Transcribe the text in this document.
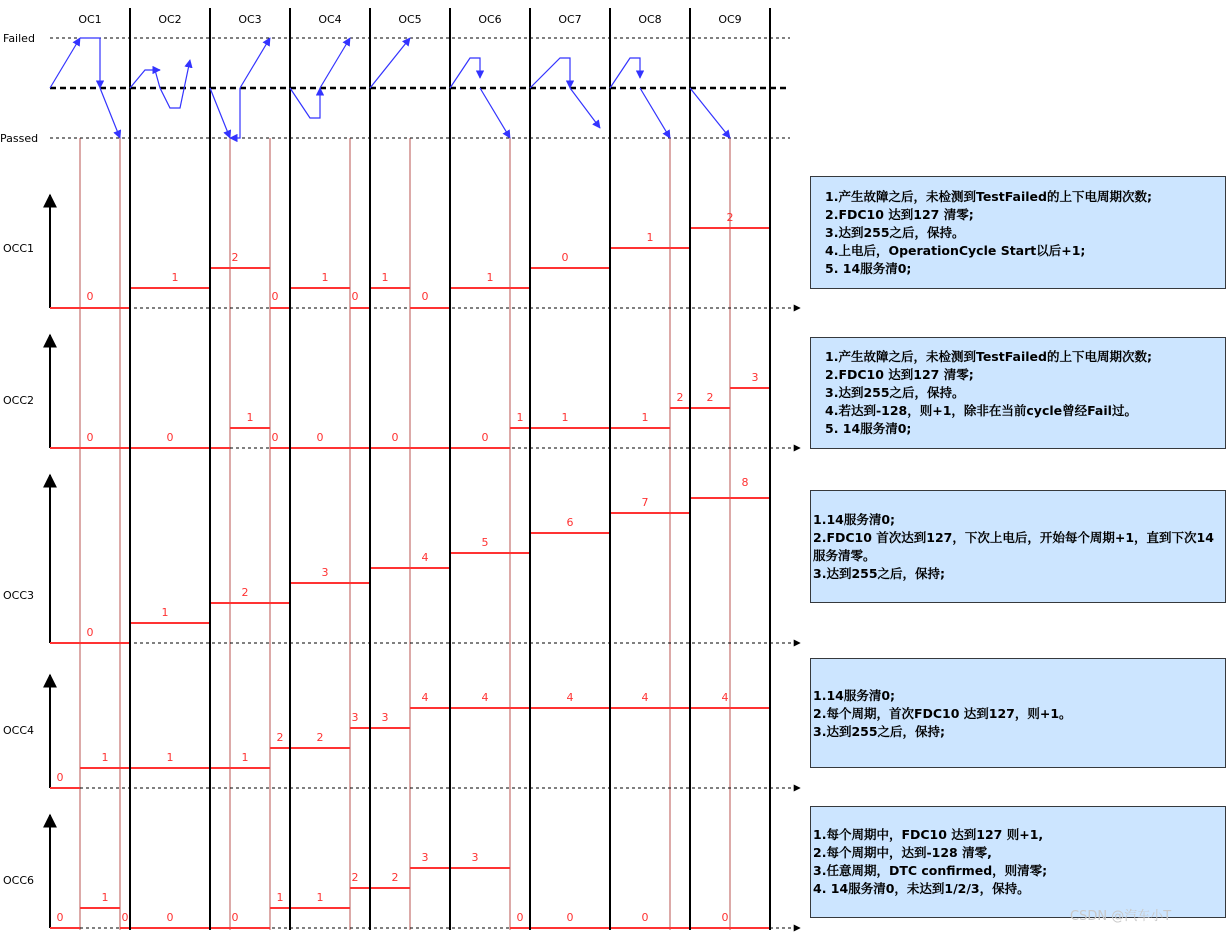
OCC1
0
1
2
0
1
0
1
0
1
0
1
2
OCC2
0	0
1
0	0	0	0
1	1	1
2 2
3
OCC3
0
1
2
3
4
5
6
7
8
OCC4
0
1	1	1
2	2
3 3
4	4	4	4	4
OCC6
0
1
0	0	0
1	1
2	2
3	3
0	0	0	0
OC1	OC2	OC3	OC4	OC5	OC6	OC7	OC8	OC9
Failed
Passed
1.产生故障之后，未检测到TestFailed的上下电周期次数;
2.FDC10 达到127 清零;
3.达到255之后，保持。
4.上电后，OperationCycle Start以后+1;
5. 14服务清0;
1.产生故障之后，未检测到TestFailed的上下电周期次数;
2.FDC10 达到127 清零;
3.达到255之后，保持。
4.若达到-128，则+1，除非在当前cycle曾经Fail过。
5. 14服务清0;
1.14服务清0;
2.FDC10 首次达到127，下次上电后，开始每个周期+1，直到下次14服务清零。
3.达到255之后，保持;
1.14服务清0;
2.每个周期，首次FDC10 达到127，则+1。
3.达到255之后，保持;
1.每个周期中，FDC10 达到127 则+1,
2.每个周期中，达到-128 清零,
3.任意周期，DTC confirmed，则清零;
4. 14服务清0，未达到1/2/3，保持。
CSDN @汽车小T
